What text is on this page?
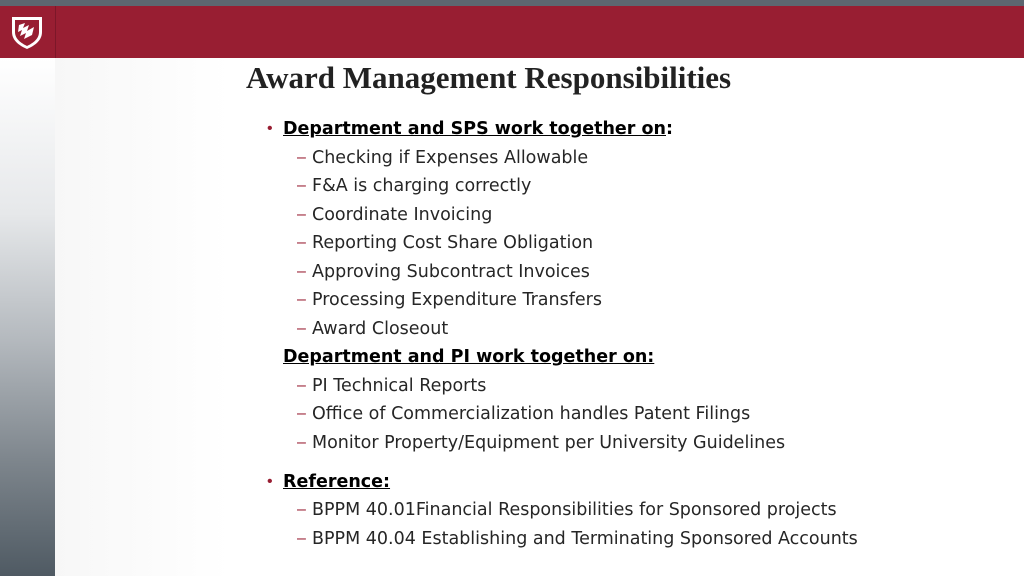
Award Management Responsibilities
• Department and SPS work together on:
– Checking if Expenses Allowable
– F&A is charging correctly
– Coordinate Invoicing
– Reporting Cost Share Obligation
– Approving Subcontract Invoices
– Processing Expenditure Transfers
– Award Closeout
Department and PI work together on:
– PI Technical Reports
– Office of Commercialization handles Patent Filings
– Monitor Property/Equipment per University Guidelines
• Reference:
– BPPM 40.01Financial Responsibilities for Sponsored projects
– BPPM 40.04 Establishing and Terminating Sponsored Accounts
